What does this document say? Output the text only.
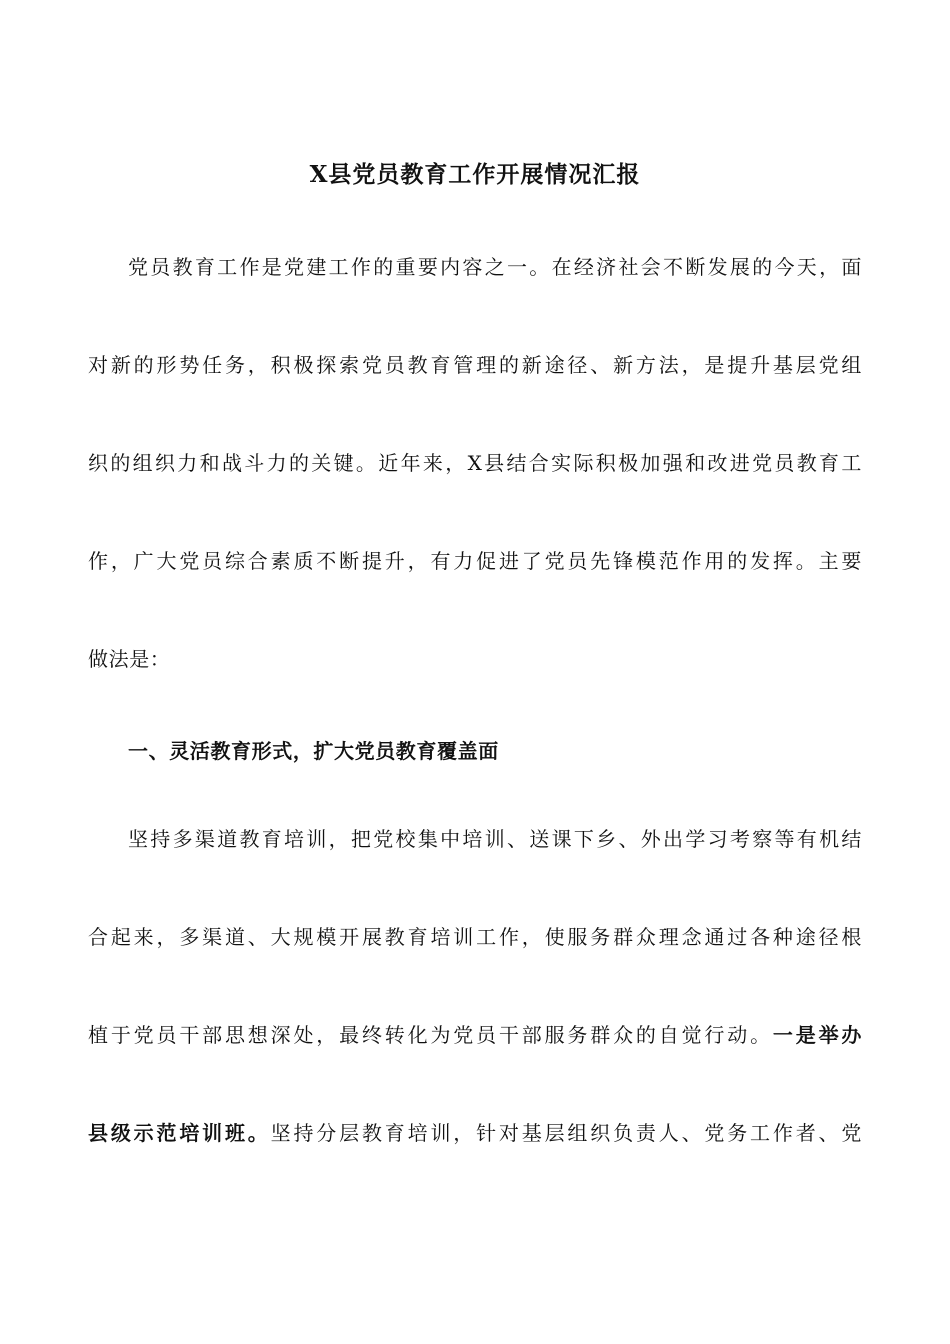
X县党员教育工作开展情况汇报
党员教育工作是党建工作的重要内容之一。在经济社会不断发展的今天，面
对新的形势任务，积极探索党员教育管理的新途径、新方法，是提升基层党组
织的组织力和战斗力的关键。近年来，X县结合实际积极加强和改进党员教育工
作，广大党员综合素质不断提升，有力促进了党员先锋模范作用的发挥。主要
做法是：
一、灵活教育形式，扩大党员教育覆盖面
坚持多渠道教育培训，把党校集中培训、送课下乡、外出学习考察等有机结
合起来，多渠道、大规模开展教育培训工作，使服务群众理念通过各种途径根
植于党员干部思想深处，最终转化为党员干部服务群众的自觉行动。一是举办
县级示范培训班。坚持分层教育培训，针对基层组织负责人、党务工作者、党
